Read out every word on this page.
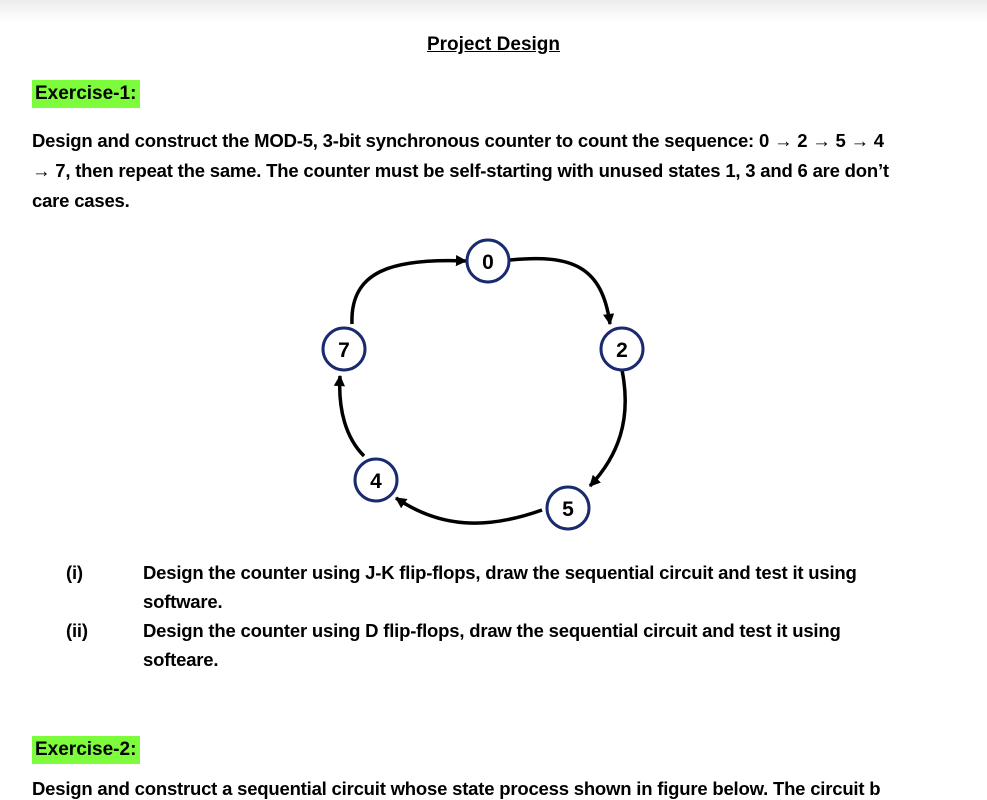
Project Design
Exercise-1:
Design and construct the MOD-5, 3-bit synchronous counter to count the sequence: 0 → 2 → 5 → 4
→ 7, then repeat the same. The counter must be self-starting with unused states 1, 3 and 6 are don’t
care cases.
0
2
5
4
7
(i)	Design the counter using J-K flip-flops, draw the sequential circuit and test it using
software.
(ii)	Design the counter using D flip-flops, draw the sequential circuit and test it using
softeare.
Exercise-2:
Design and construct a sequential circuit whose state process shown in figure below. The circuit b
